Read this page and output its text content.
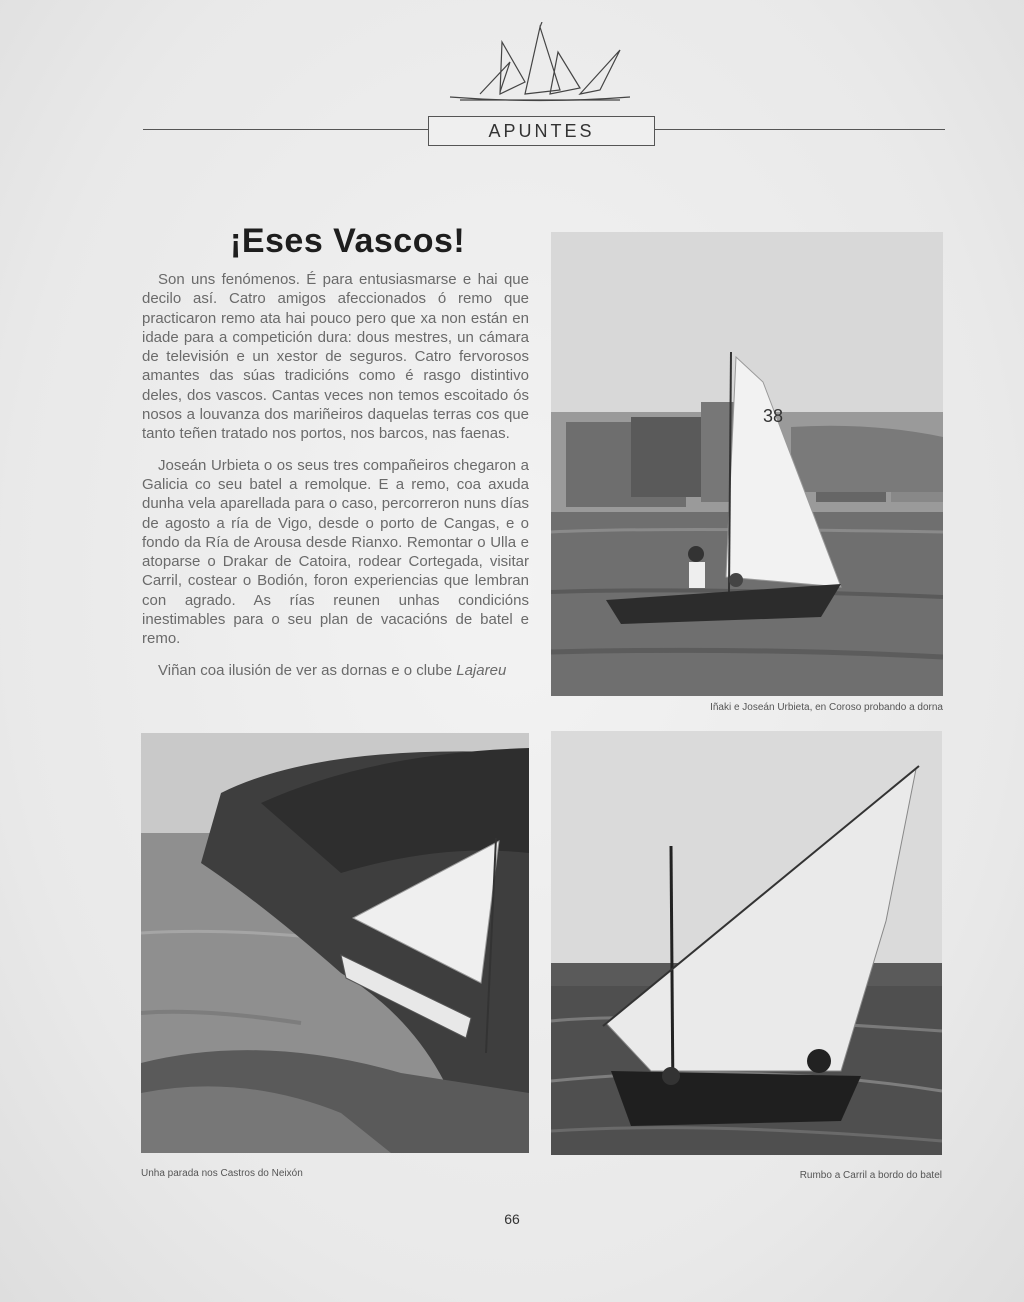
APUNTES
¡Eses Vascos!

Son uns fenómenos. É para entusiasmarse e hai que decilo así. Catro amigos afeccionados ó remo que practicaron remo ata hai pouco pero que xa non están en idade para a competición dura: dous mestres, un cámara de televisión e un xestor de seguros. Catro fervorosos amantes das súas tradicións como é rasgo distintivo deles, dos vascos. Cantas veces non temos escoitado ós nosos a louvanza dos mariñeiros daquelas terras cos que tanto teñen tratado nos portos, nos barcos, nas faenas.

Joseán Urbieta o os seus tres compañeiros chegaron a Galicia co seu batel a remolque. E a remo, coa axuda dunha vela aparellada para o caso, percorreron nuns días de agosto a ría de Vigo, desde o porto de Cangas, e o fondo da Ría de Arousa desde Rianxo. Remontar o Ulla e atoparse o Drakar de Catoira, rodear Cortegada, visitar Carril, costear o Bodión, foron experiencias que lembran con agrado. As rías reunen unhas condicións inestimables para o seu plan de vacacións de batel e remo.

Viñan coa ilusión de ver as dornas e o clube Lajareu

38
Iñaki e Joseán Urbieta, en Coroso probando a dorna
Unha parada nos Castros do Neixón	Rumbo a Carril a bordo do batel
66
